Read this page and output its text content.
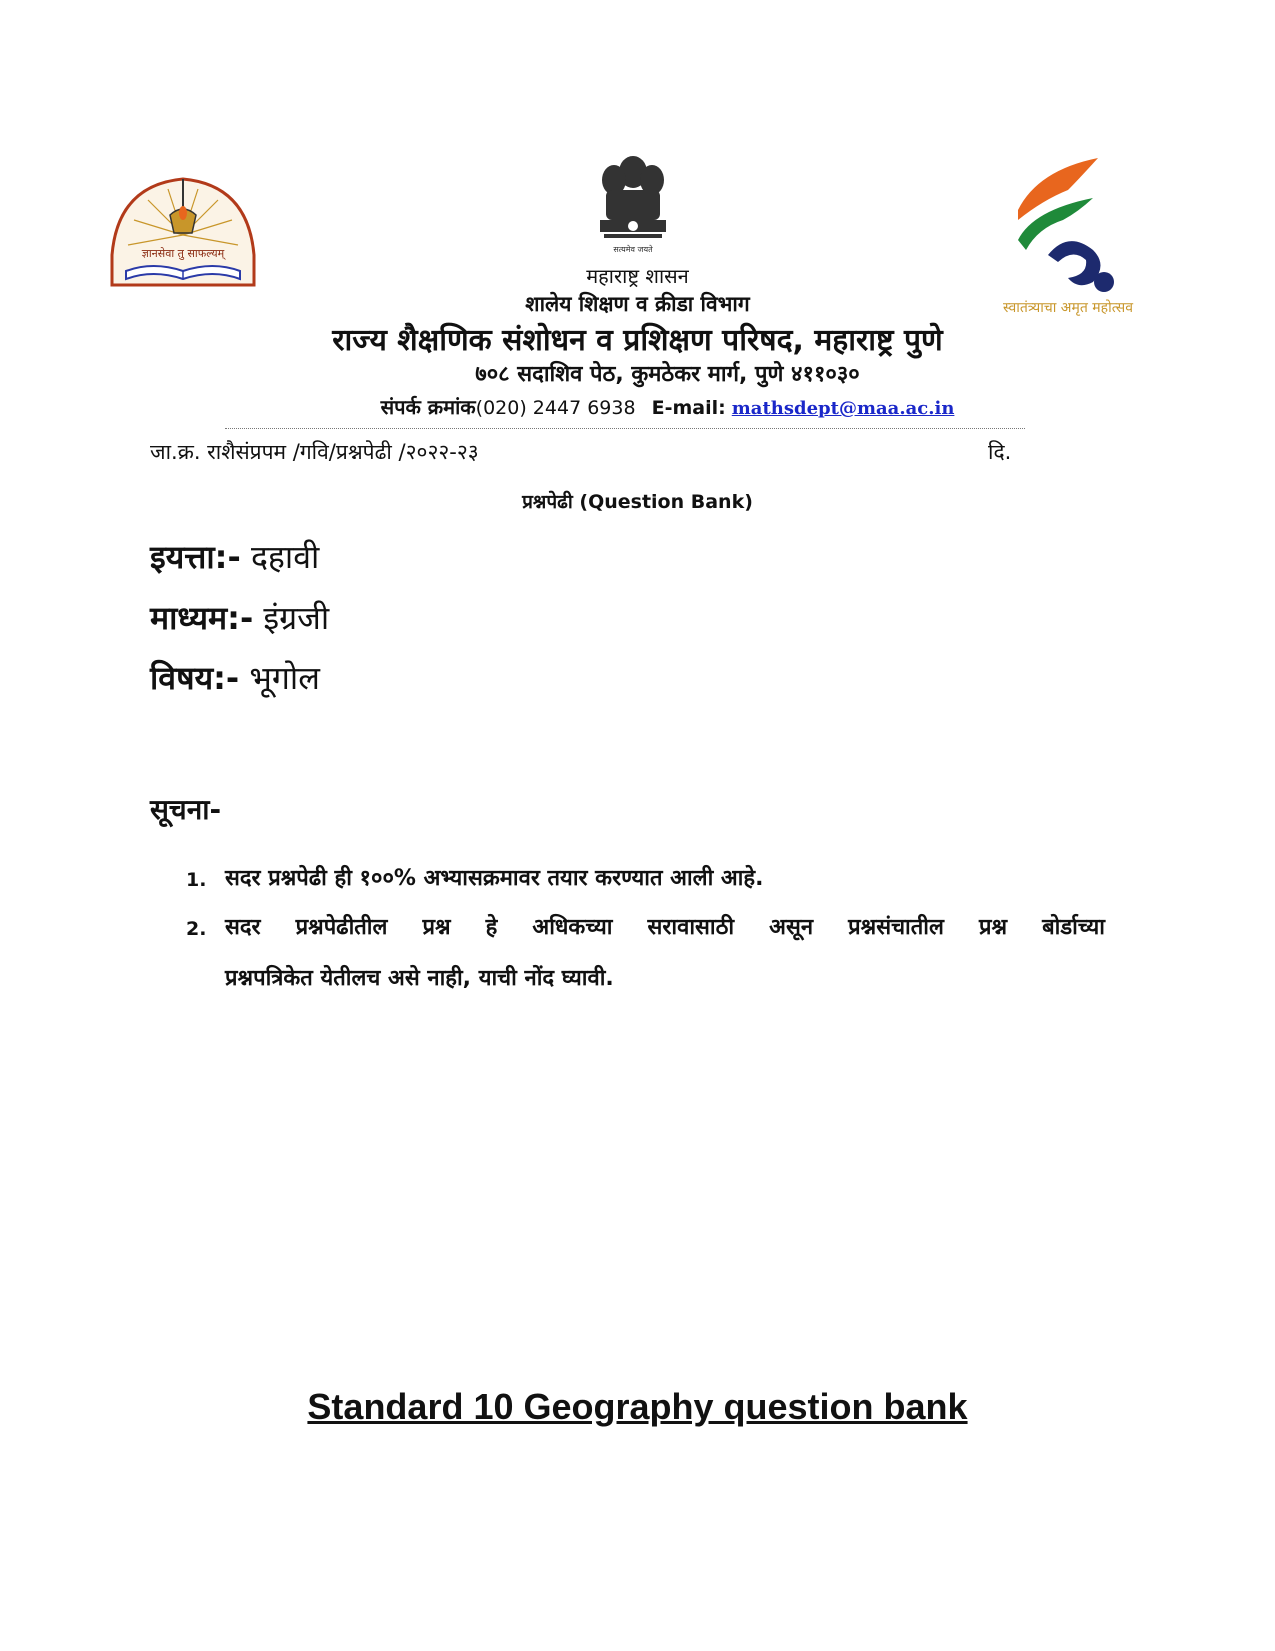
ज्ञानसेवा तु साफल्यम्	सत्यमेव जयते
स्वातंत्र्याचा अमृत महोत्सव
महाराष्ट्र शासन
शालेय शिक्षण व क्रीडा विभाग
राज्य शैक्षणिक संशोधन व प्रशिक्षण परिषद, महाराष्ट्र पुणे
७०८ सदाशिव पेठ, कुमठेकर मार्ग, पुणे ४११०३०
संपर्क क्रमांक(020) 2447 6938 E-mail: mathsdept@maa.ac.in
जा.क्र. राशैसंप्रपम /गवि/प्रश्नपेढी /२०२२-२३	दि.
प्रश्नपेढी (Question Bank)
इयत्ता:- दहावी
माध्यम:- इंग्रजी
विषय:- भूगोल
सूचना-
1. सदर प्रश्नपेढी ही १००% अभ्यासक्रमावर तयार करण्यात आली आहे.
2. सदर प्रश्नपेढीतील प्रश्न हे अधिकच्या सरावासाठी असून प्रश्नसंचातील प्रश्न बोर्डाच्या
प्रश्नपत्रिकेत येतीलच असे नाही, याची नोंद घ्यावी.
Standard 10 Geography question bank
